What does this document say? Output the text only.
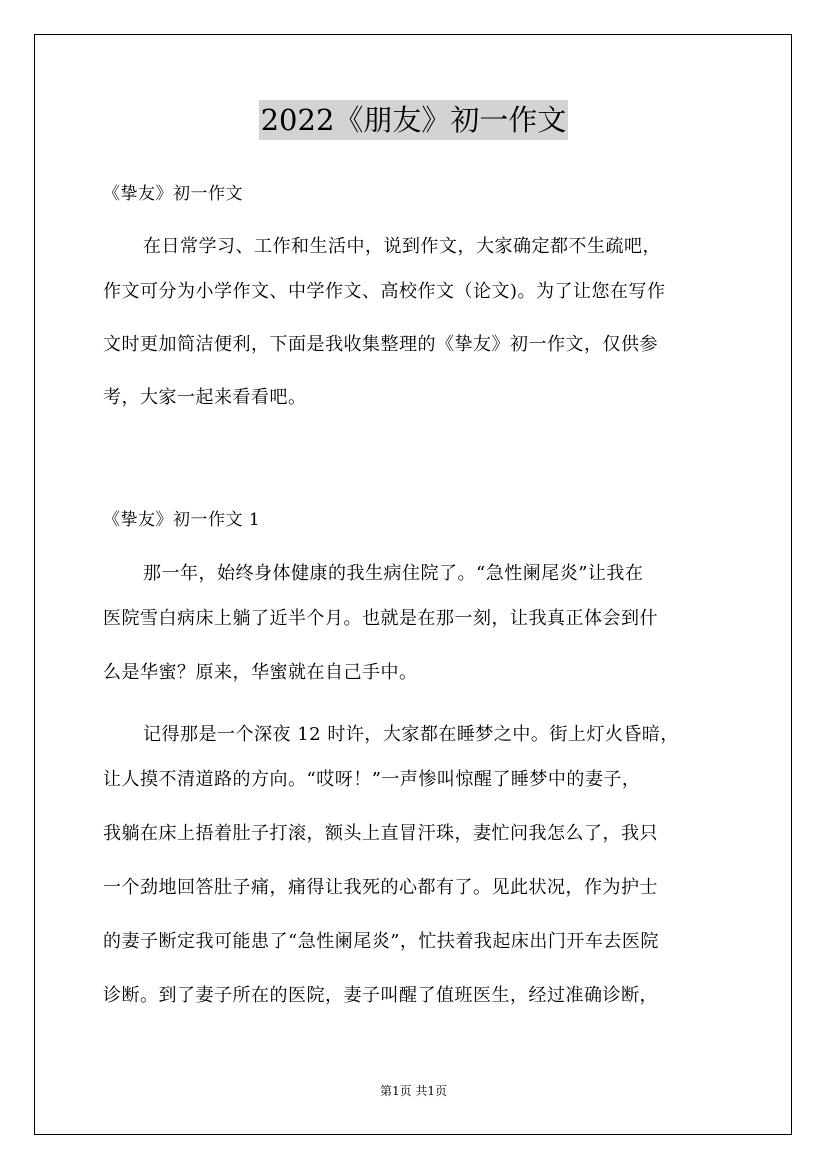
2022《朋友》初一作文
《挚友》初一作文
在日常学习、工作和生活中，说到作文，大家确定都不生疏吧，
作文可分为小学作文、中学作文、高校作文（论文)。为了让您在写作
文时更加简洁便利，下面是我收集整理的《挚友》初一作文，仅供参
考，大家一起来看看吧。
《挚友》初一作文 1
那一年，始终身体健康的我生病住院了。“急性阑尾炎”让我在
医院雪白病床上躺了近半个月。也就是在那一刻，让我真正体会到什
么是华蜜？原来，华蜜就在自己手中。
记得那是一个深夜 12 时许，大家都在睡梦之中。街上灯火昏暗，
让人摸不清道路的方向。“哎呀！”一声惨叫惊醒了睡梦中的妻子，
我躺在床上捂着肚子打滚，额头上直冒汗珠，妻忙问我怎么了，我只
一个劲地回答肚子痛，痛得让我死的心都有了。见此状况，作为护士
的妻子断定我可能患了“急性阑尾炎”，忙扶着我起床出门开车去医院
诊断。到了妻子所在的医院，妻子叫醒了值班医生，经过准确诊断，
第1页 共1页
